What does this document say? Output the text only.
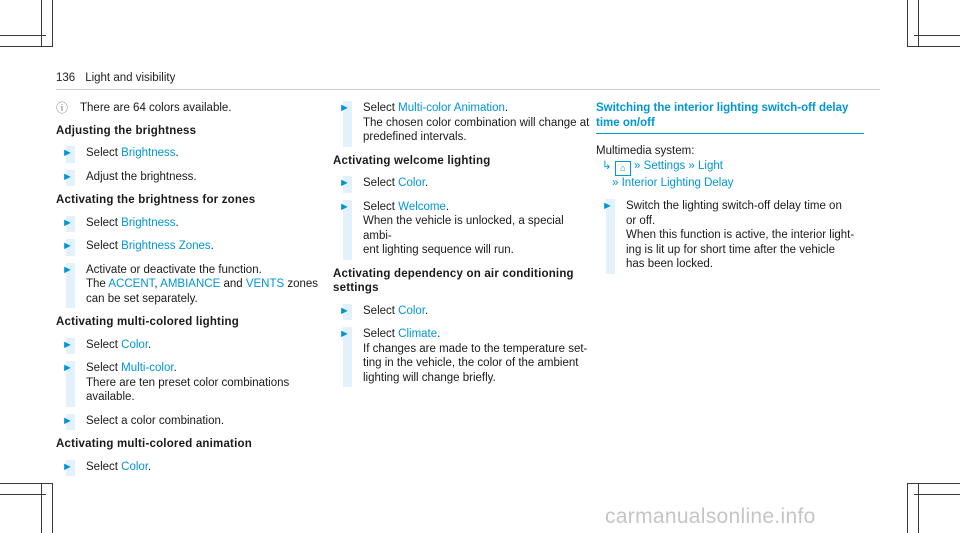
136 Light and visibility
ⓘ There are 64 colors available.
Adjusting the brightness
► Select Brightness.
► Adjust the brightness.
Activating the brightness for zones
► Select Brightness.
► Select Brightness Zones.
► Activate or deactivate the function.
The ACCENT, AMBIANCE and VENTS zones
can be set separately.
Activating multi-colored lighting
► Select Color.
► Select Multi-color.
There are ten preset color combinations
available.
► Select a color combination.
Activating multi-colored animation
► Select Color.
► Select Multi-color Animation.
The chosen color combination will change at
predefined intervals.
Activating welcome lighting
► Select Color.
► Select Welcome.
When the vehicle is unlocked, a special ambi-
ent lighting sequence will run.
Activating dependency on air conditioning settings
► Select Color.
► Select Climate.
If changes are made to the temperature set-
ting in the vehicle, the color of the ambient
lighting will change briefly.
Switching the interior lighting switch-off delay time on/off
Multimedia system:
↳ ⌂ » Settings » Light
» Interior Lighting Delay
► Switch the lighting switch-off delay time on
or off.
When this function is active, the interior light-
ing is lit up for short time after the vehicle
has been locked.
carmanualsonline.info
